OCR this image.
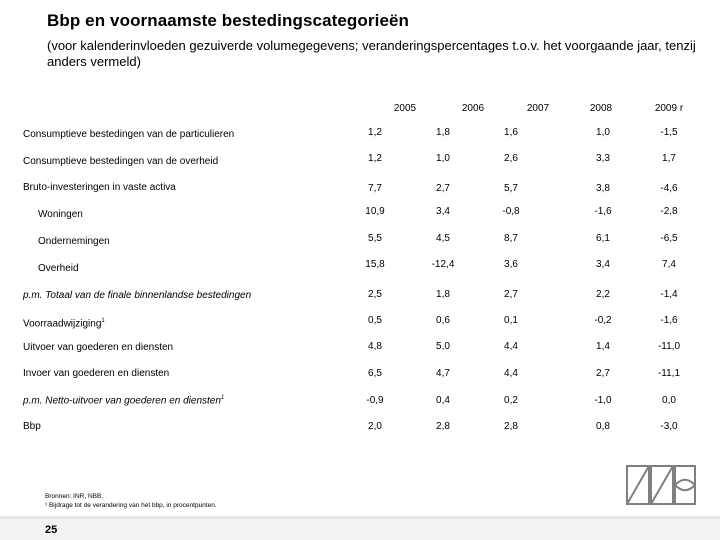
Bbp en voornaamste bestedingscategorieën
(voor kalenderinvloeden gezuiverde volumegegevens; veranderingspercentages t.o.v. het voorgaande jaar, tenzij anders vermeld)
2005	2006	2007	2008	2009 r
Consumptieve bestedingen van de particulieren	1,2	1,8	1,6	1,0	-1,5
Consumptieve bestedingen van de overheid	1,2	1,0	2,6	3,3	1,7
Bruto-investeringen in vaste activa	7,7	2,7	5,7	3,8	-4,6
Woningen	10,9	3,4	-0,8	-1,6	-2,8
Ondernemingen	5,5	4,5	8,7	6,1	-6,5
Overheid	15,8	-12,4	3,6	3,4	7,4
p.m. Totaal van de finale binnenlandse bestedingen	2,5	1,8	2,7	2,2	-1,4
Voorraadwijziging$^1$	0,5	0,6	0,1	-0,2	-1,6
Uitvoer van goederen en diensten	4,8	5,0	4,4	1,4	-11,0
Invoer van goederen en diensten	6,5	4,7	4,4	2,7	-11,1
p.m. Netto-uitvoer van goederen en diensten$^1$	-0,9	0,4	0,2	-1,0	0,0
Bbp	2,0	2,8	2,8	0,8	-3,0
Bronnen: INR, NBB.
¹ Bijdrage tot de verandering van het bbp, in procentpunten.
25
